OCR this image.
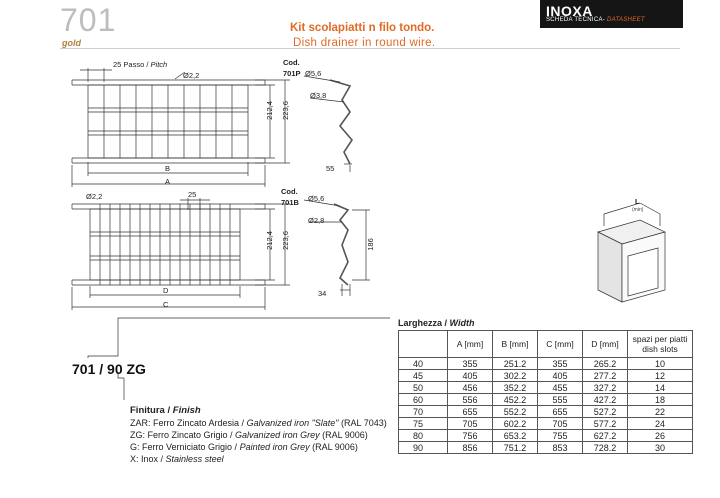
701
gold
Kit scolapiatti n filo tondo.
Dish drainer in round wire.
INOXA
SCHEDA TECNICA- DATASHEET
25 Passo / Pitch
Ø2,2
212,4 223,6
B
A
Cod.
701P Ø5,6
Ø3,8
55
Ø2,2	25
212,4 223,6
D
C
Cod.
701B Ø5,6
Ø2,8
186
34
L
(min)
701 / 90 ZG
Finitura / Finish
ZAR: Ferro Zincato Ardesia / Galvanized iron "Slate" (RAL 7043)
ZG: Ferro Zincato Grigio / Galvanized iron Grey (RAL 9006)
G: Ferro Verniciato Grigio / Painted iron Grey (RAL 9006)
X: Inox / Stainless steel
Larghezza / Width
	A [mm]	B [mm]	C [mm]	D [mm]	spazi per piatti
dish slots
40	355	251.2	355	265.2	10
45	405	302.2	405	277.2	12
50	456	352.2	455	327.2	14
60	556	452.2	555	427.2	18
70	655	552.2	655	527.2	22
75	705	602.2	705	577.2	24
80	756	653.2	755	627.2	26
90	856	751.2	853	728.2	30
